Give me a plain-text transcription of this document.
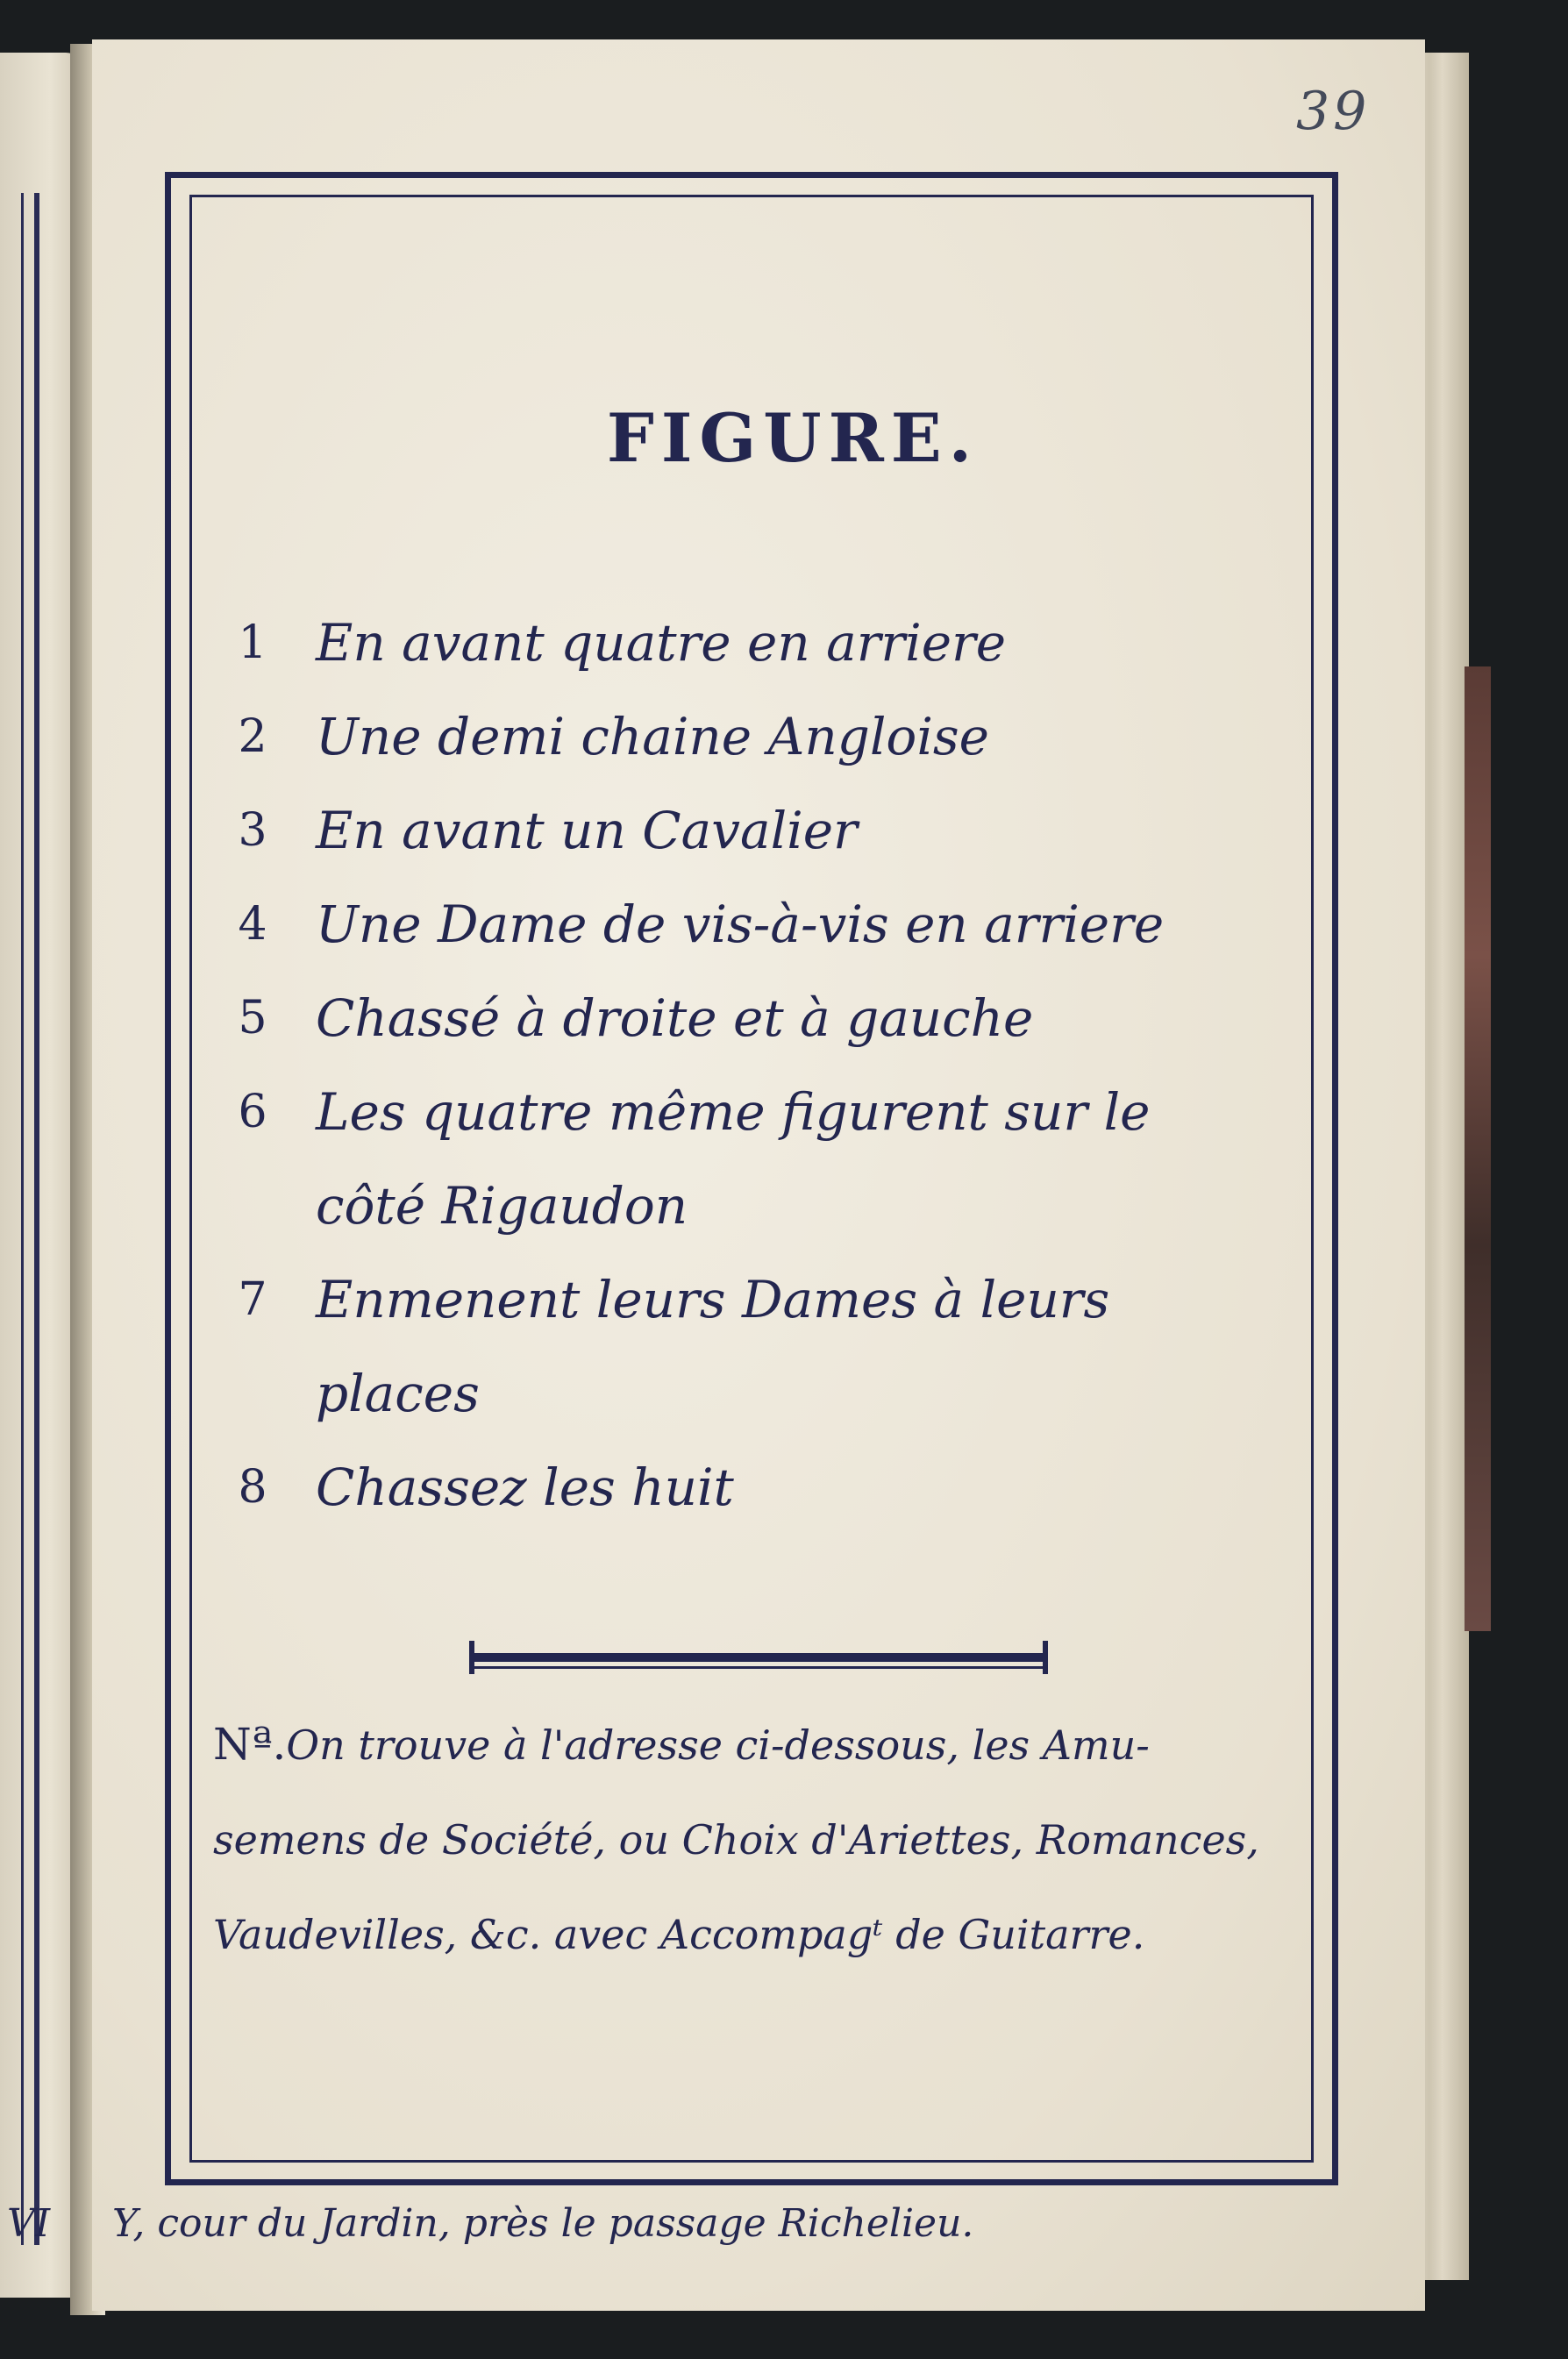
39
FIGURE.
1 En avant quatre en arriere
2 Une demi chaine Angloise
3 En avant un Cavalier
4 Une Dame de vis-à-vis en arriere
5 Chassé à droite et à gauche
6 Les quatre même figurent sur le
côté Rigaudon
7 Enmenent leurs Dames à leurs
places
8 Chassez les huit

Nª.On trouve à l'adresse ci-dessous, les Amu-
semens de Société, ou Choix d'Ariettes, Romances,
Vaudevilles, &c. avec Accompagᵗ de Guitarre.

VI Y, cour du Jardin, près le passage Richelieu.
